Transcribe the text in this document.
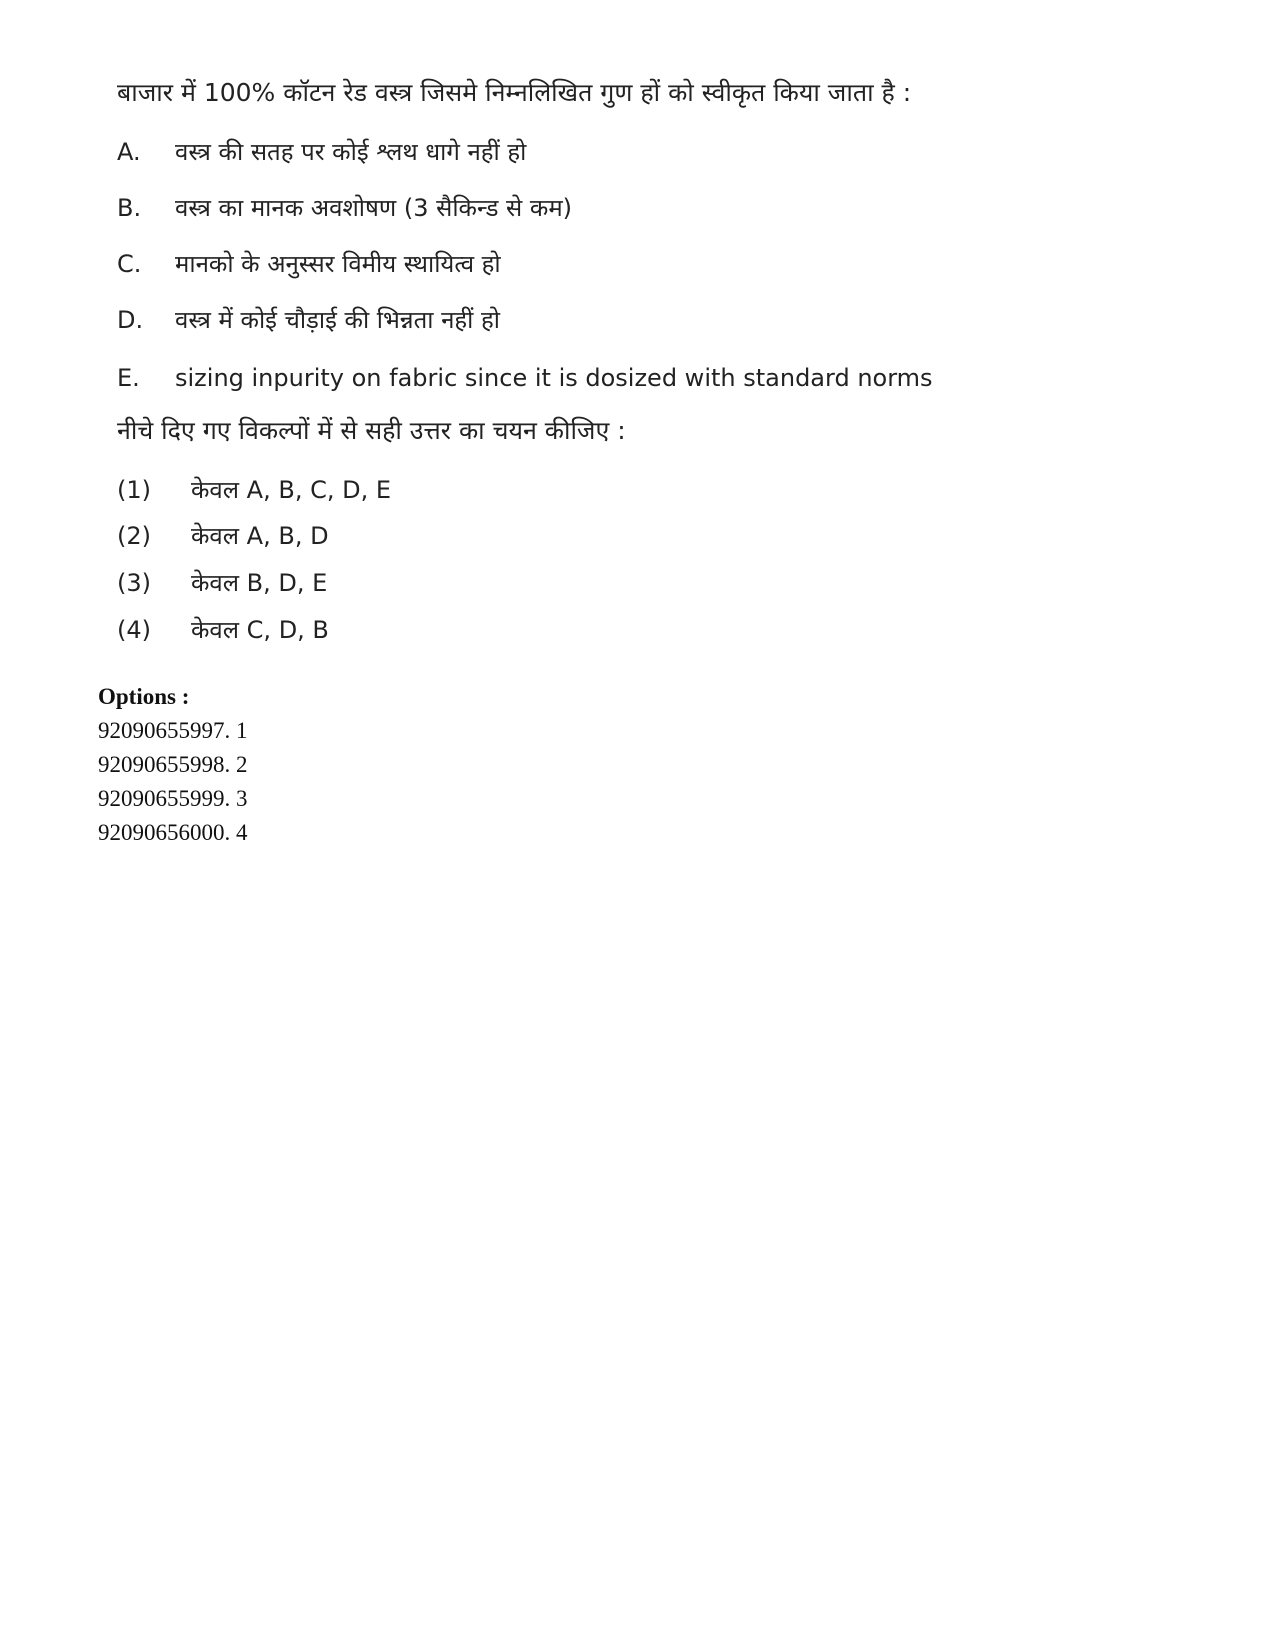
बाजार में 100% कॉटन रेड वस्त्र जिसमे निम्नलिखित गुण हों को स्वीकृत किया जाता है :
A. वस्त्र की सतह पर कोई श्लथ धागे नहीं हो
B. वस्त्र का मानक अवशोषण (3 सैकिन्ड से कम)
C. मानको के अनुस्सर विमीय स्थायित्व हो
D. वस्त्र में कोई चौड़ाई की भिन्नता नहीं हो
E. sizing inpurity on fabric since it is dosized with standard norms
नीचे दिए गए विकल्पों में से सही उत्तर का चयन कीजिए :
(1) केवल A, B, C, D, E
(2) केवल A, B, D
(3) केवल B, D, E
(4) केवल C, D, B
Options :
92090655997. 1
92090655998. 2
92090655999. 3
92090656000. 4
